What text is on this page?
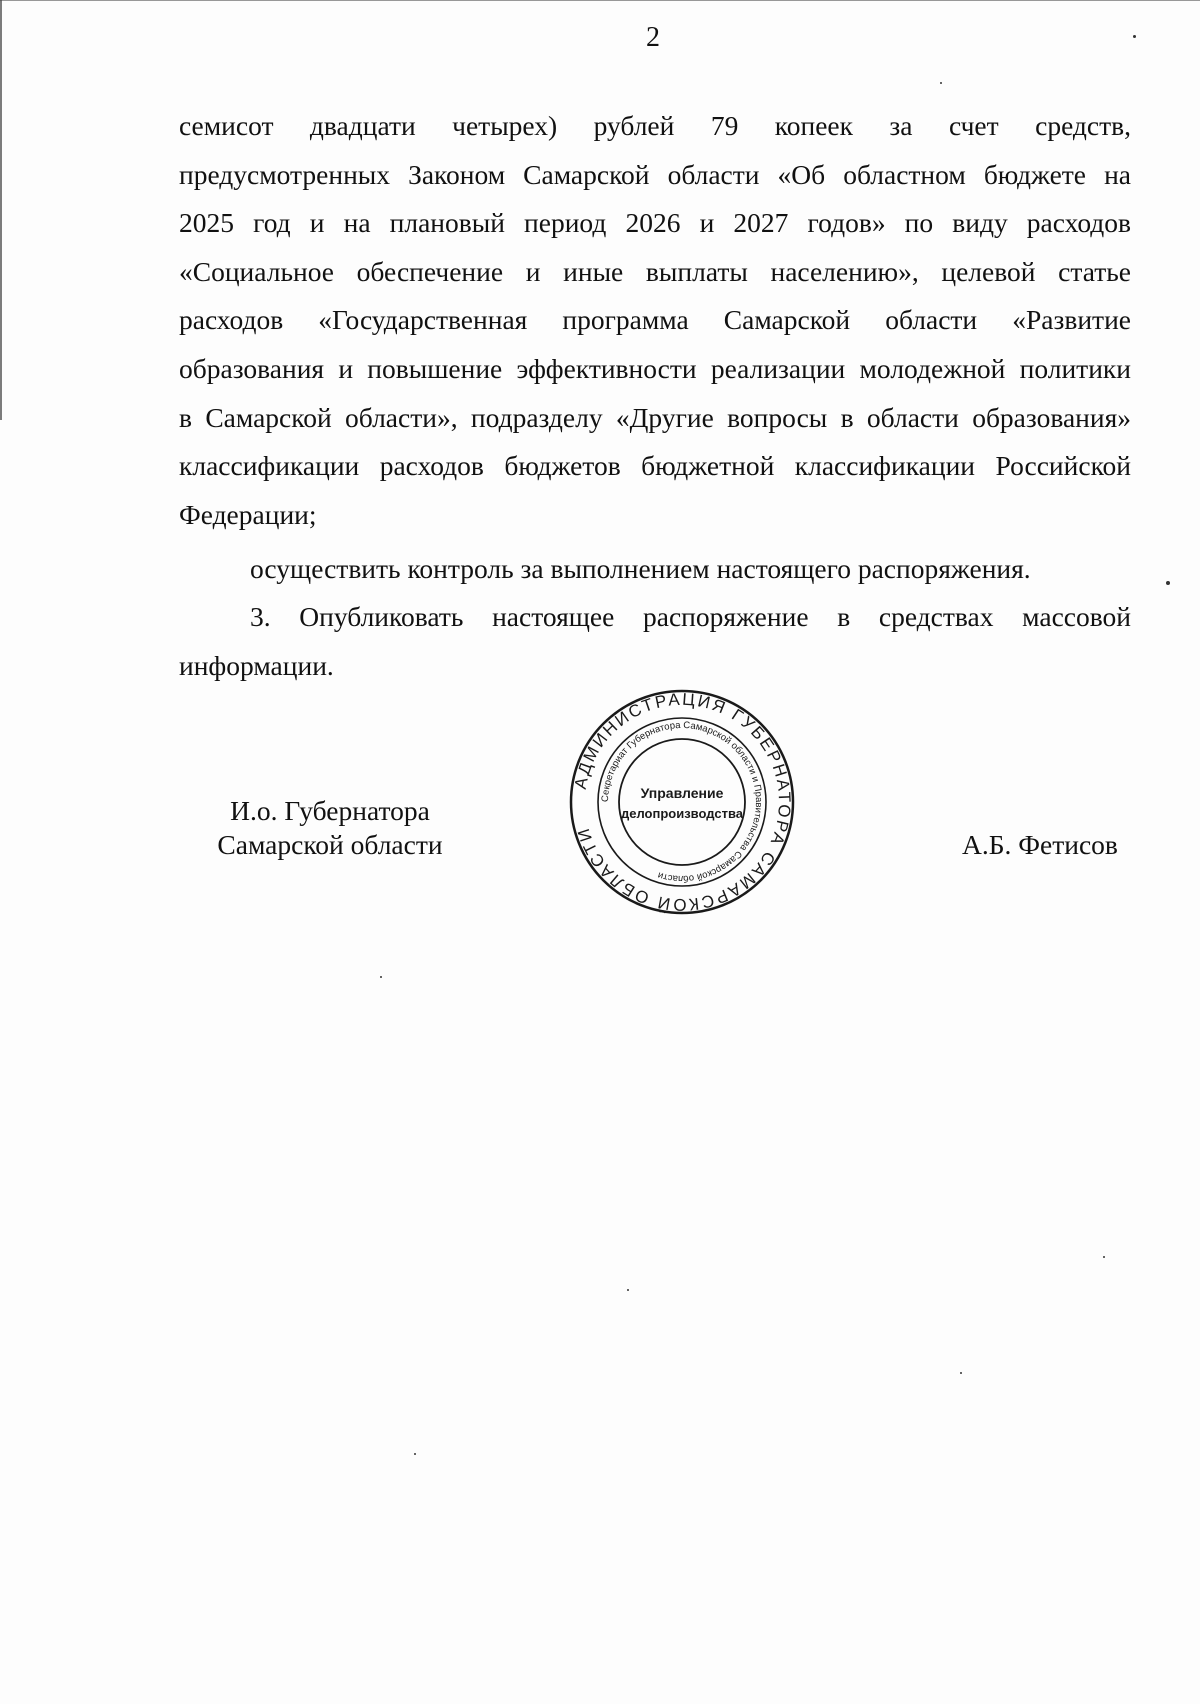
2
семисот двадцати четырех) рублей 79 копеек за счет средств,
предусмотренных Законом Самарской области «Об областном бюджете на
2025 год и на плановый период 2026 и 2027 годов» по виду расходов
«Социальное обеспечение и иные выплаты населению», целевой статье
расходов «Государственная программа Самарской области «Развитие
образования и повышение эффективности реализации молодежной политики
в Самарской области», подразделу «Другие вопросы в области образования»
классификации расходов бюджетов бюджетной классификации Российской
Федерации;
осуществить контроль за выполнением настоящего распоряжения.
3. Опубликовать настоящее распоряжение в средствах массовой
информации.
И.о. Губернатора
Самарской области
АДМИНИСТРАЦИЯ ГУБЕРНАТОРА САМАРСКОЙ ОБЛАСТИ
Секретариат Губернатора Самарской области и Правительства Самарской области
Управление
делопроизводства
А.Б. Фетисов
